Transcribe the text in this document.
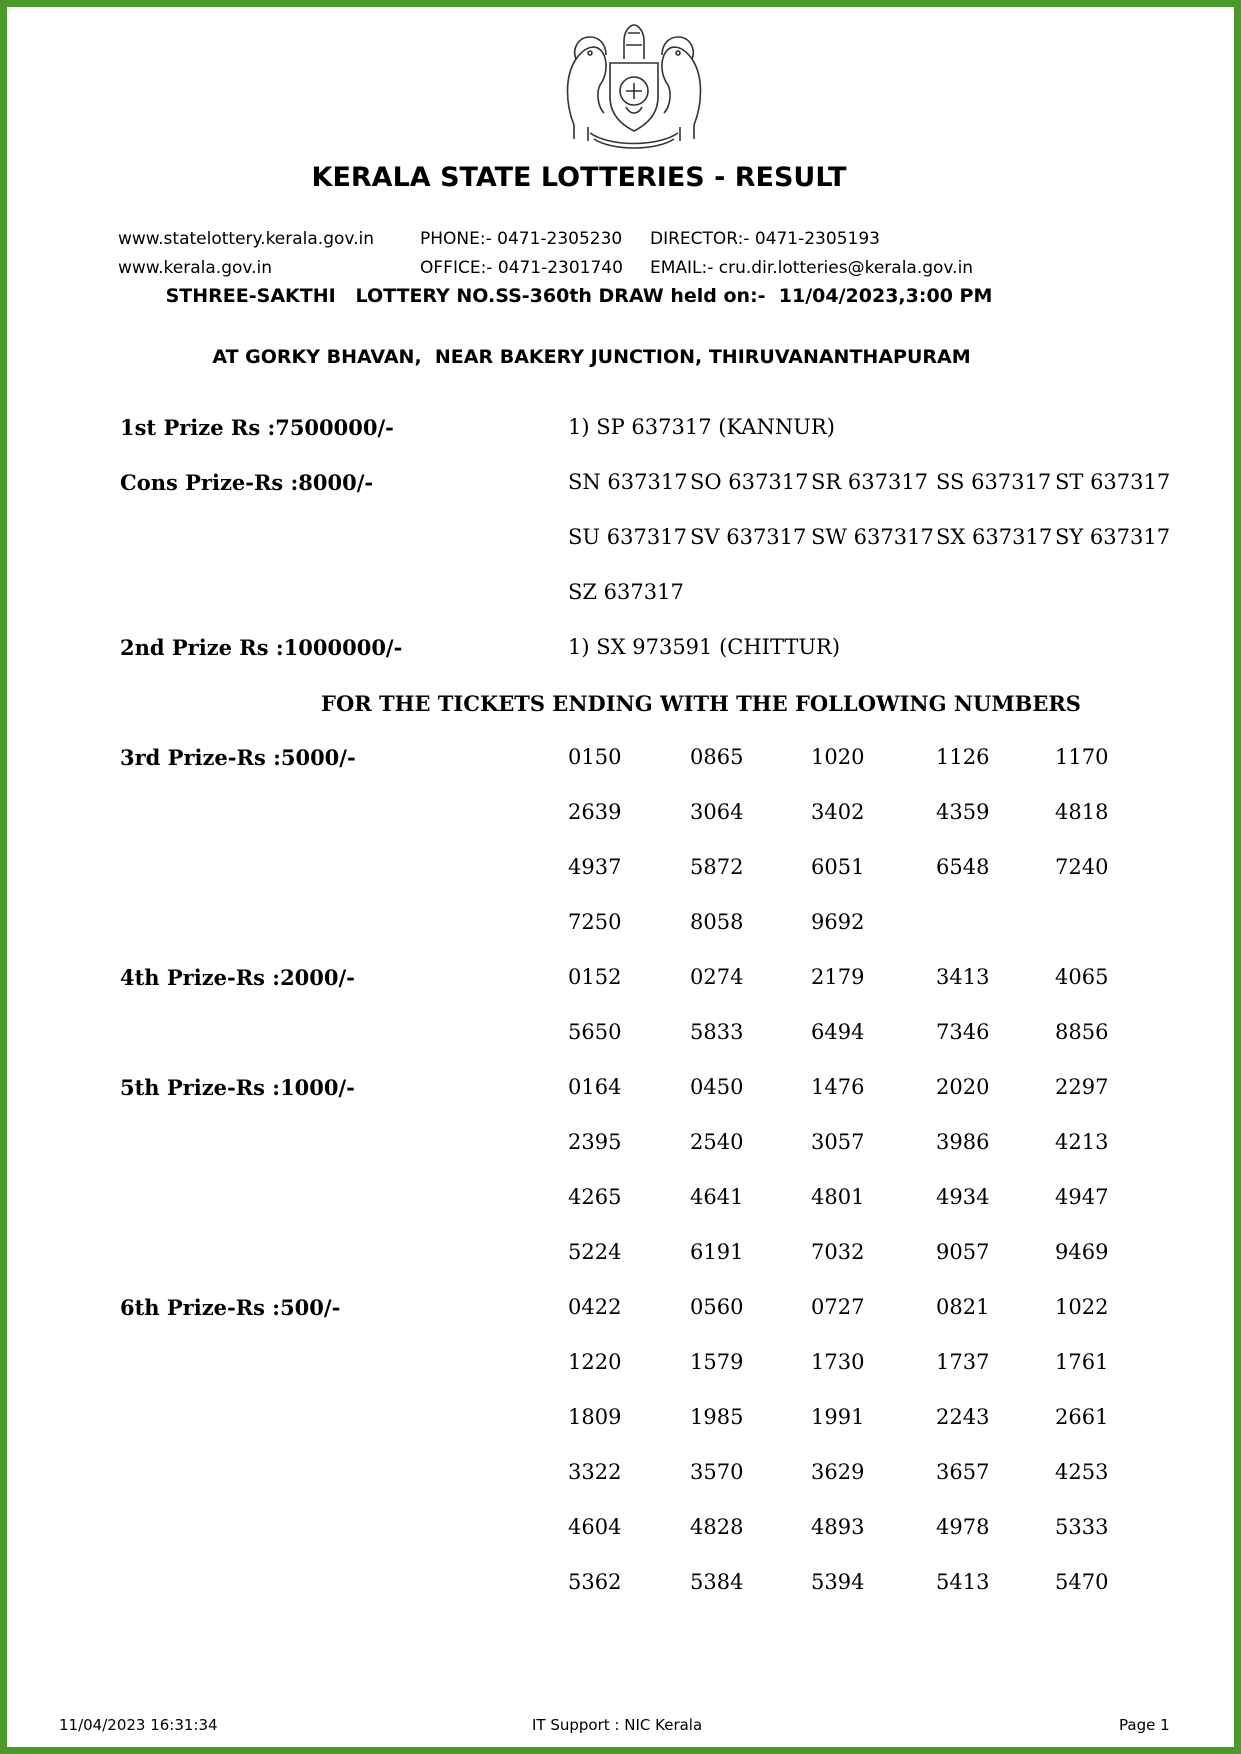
KERALA STATE LOTTERIES - RESULT
www.statelottery.kerala.gov.in
www.kerala.gov.in
PHONE:- 0471-2305230
OFFICE:- 0471-2301740
DIRECTOR:- 0471-2305193
EMAIL:- cru.dir.lotteries@kerala.gov.in
STHREE-SAKTHI   LOTTERY NO.SS-360th DRAW held on:-  11/04/2023,3:00 PM
AT GORKY BHAVAN,  NEAR BAKERY JUNCTION, THIRUVANANTHAPURAM
1st Prize Rs :7500000/-	1) SP 637317 (KANNUR)
Cons Prize-Rs :8000/-	SN 637317 SO 637317 SR 637317 SS 637317 ST 637317
SU 637317 SV 637317 SW 637317 SX 637317 SY 637317
SZ 637317
2nd Prize Rs :1000000/-	1) SX 973591 (CHITTUR)
FOR THE TICKETS ENDING WITH THE FOLLOWING NUMBERS
3rd Prize-Rs :5000/-	0150	0865	1020	1126	1170
2639	3064	3402	4359	4818
4937	5872	6051	6548	7240
7250	8058	9692
4th Prize-Rs :2000/-	0152	0274	2179	3413	4065
5650	5833	6494	7346	8856
5th Prize-Rs :1000/-	0164	0450	1476	2020	2297
2395	2540	3057	3986	4213
4265	4641	4801	4934	4947
5224	6191	7032	9057	9469
6th Prize-Rs :500/-	0422	0560	0727	0821	1022
1220	1579	1730	1737	1761
1809	1985	1991	2243	2661
3322	3570	3629	3657	4253
4604	4828	4893	4978	5333
5362	5384	5394	5413	5470
11/04/2023 16:31:34	IT Support : NIC Kerala	Page 1
